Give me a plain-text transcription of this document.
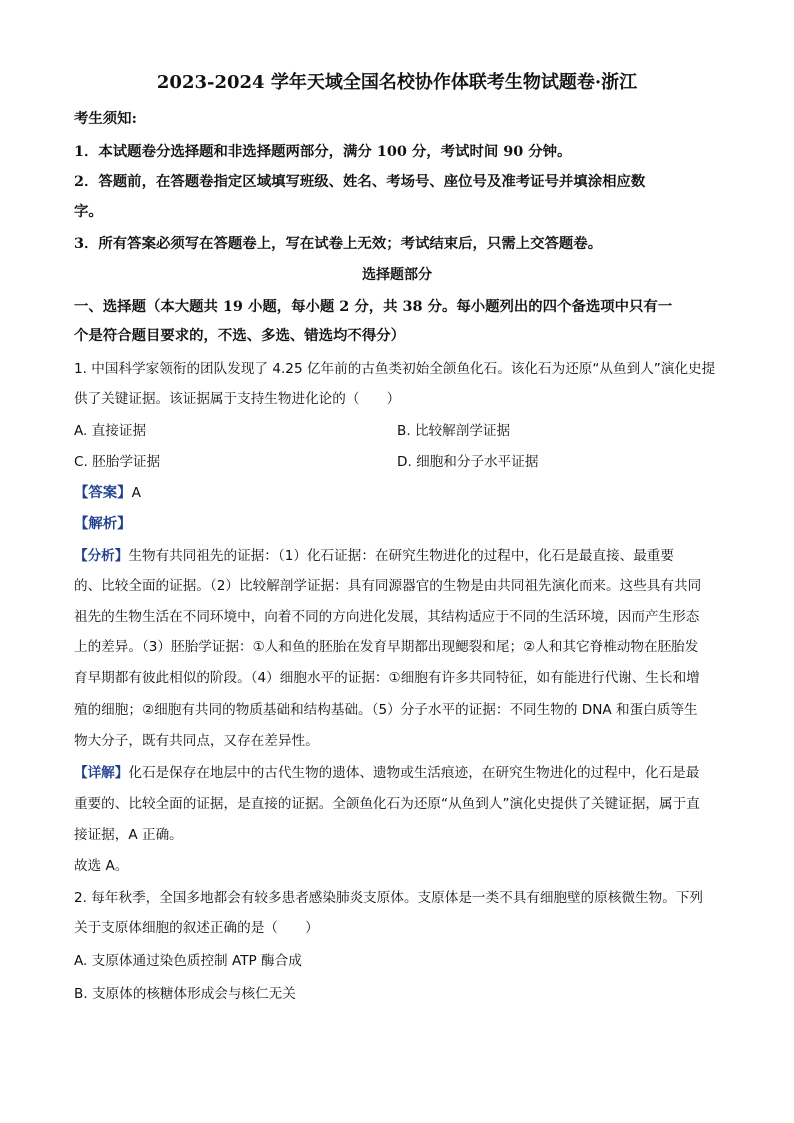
2023-2024 学年天域全国名校协作体联考生物试题卷·浙江
考生须知:
1．本试题卷分选择题和非选择题两部分，满分 100 分，考试时间 90 分钟。
2．答题前，在答题卷指定区域填写班级、姓名、考场号、座位号及准考证号并填涂相应数
字。
3．所有答案必须写在答题卷上，写在试卷上无效；考试结束后，只需上交答题卷。
选择题部分
一、选择题（本大题共 19 小题，每小题 2 分，共 38 分。每小题列出的四个备选项中只有一
个是符合题目要求的，不选、多选、错选均不得分）
1. 中国科学家领衔的团队发现了 4.25 亿年前的古鱼类初始全颌鱼化石。该化石为还原“从鱼到人”演化史提
供了关键证据。该证据属于支持生物进化论的（　　）
A. 直接证据	B. 比较解剖学证据
C. 胚胎学证据	D. 细胞和分子水平证据
【答案】A
【解析】
【分析】生物有共同祖先的证据：（1）化石证据：在研究生物进化的过程中，化石是最直接、最重要
的、比较全面的证据。（2）比较解剖学证据：具有同源器官的生物是由共同祖先演化而来。这些具有共同
祖先的生物生活在不同环境中，向着不同的方向进化发展，其结构适应于不同的生活环境，因而产生形态
上的差异。（3）胚胎学证据：①人和鱼的胚胎在发育早期都出现鳃裂和尾；②人和其它脊椎动物在胚胎发
育早期都有彼此相似的阶段。（4）细胞水平的证据：①细胞有许多共同特征，如有能进行代谢、生长和增
殖的细胞；②细胞有共同的物质基础和结构基础。（5）分子水平的证据：不同生物的 DNA 和蛋白质等生
物大分子，既有共同点，又存在差异性。
【详解】化石是保存在地层中的古代生物的遗体、遗物或生活痕迹，在研究生物进化的过程中，化石是最
重要的、比较全面的证据，是直接的证据。全颌鱼化石为还原“从鱼到人”演化史提供了关键证据，属于直
接证据，A 正确。
故选 A。
2. 每年秋季，全国多地都会有较多患者感染肺炎支原体。支原体是一类不具有细胞壁的原核微生物。下列
关于支原体细胞的叙述正确的是（　　）
A. 支原体通过染色质控制 ATP 酶合成
B. 支原体的核糖体形成会与核仁无关
